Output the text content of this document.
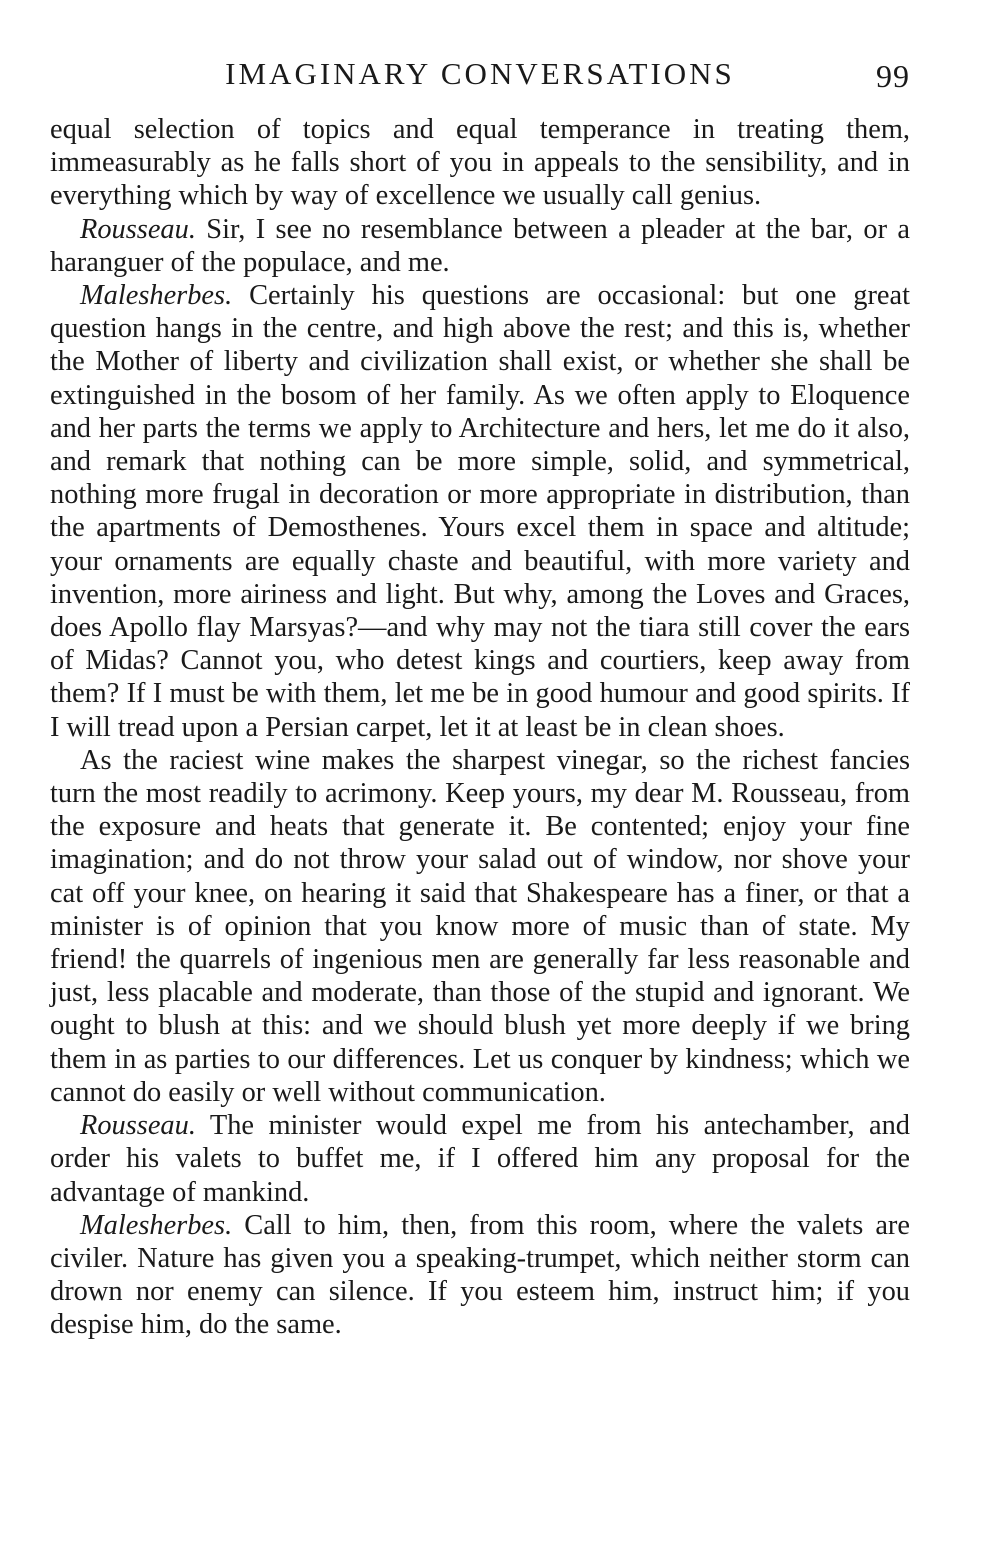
IMAGINARY CONVERSATIONS	99

equal selection of topics and equal temperance in treating them, immeasurably as he falls short of you in appeals to the sensibility, and in everything which by way of excellence we usually call genius.

Rousseau. Sir, I see no resemblance between a pleader at the bar, or a haranguer of the populace, and me.

Malesherbes. Certainly his questions are occasional: but one great question hangs in the centre, and high above the rest; and this is, whether the Mother of liberty and civilization shall exist, or whether she shall be extinguished in the bosom of her family. As we often apply to Eloquence and her parts the terms we apply to Architecture and hers, let me do it also, and remark that nothing can be more simple, solid, and symmetrical, nothing more frugal in decoration or more appropriate in distribution, than the apartments of Demosthenes. Yours excel them in space and altitude; your ornaments are equally chaste and beautiful, with more variety and invention, more airiness and light. But why, among the Loves and Graces, does Apollo flay Marsyas?—and why may not the tiara still cover the ears of Midas? Cannot you, who detest kings and courtiers, keep away from them? If I must be with them, let me be in good humour and good spirits. If I will tread upon a Persian carpet, let it at least be in clean shoes.

As the raciest wine makes the sharpest vinegar, so the richest fancies turn the most readily to acrimony. Keep yours, my dear M. Rousseau, from the exposure and heats that generate it. Be contented; enjoy your fine imagination; and do not throw your salad out of window, nor shove your cat off your knee, on hearing it said that Shakespeare has a finer, or that a minister is of opinion that you know more of music than of state. My friend! the quarrels of ingenious men are generally far less reasonable and just, less placable and moderate, than those of the stupid and ignorant. We ought to blush at this: and we should blush yet more deeply if we bring them in as parties to our differences. Let us conquer by kindness; which we cannot do easily or well without communication.

Rousseau. The minister would expel me from his antechamber, and order his valets to buffet me, if I offered him any proposal for the advantage of mankind.

Malesherbes. Call to him, then, from this room, where the valets are civiler. Nature has given you a speaking-trumpet, which neither storm can drown nor enemy can silence. If you esteem him, instruct him; if you despise him, do the same.
